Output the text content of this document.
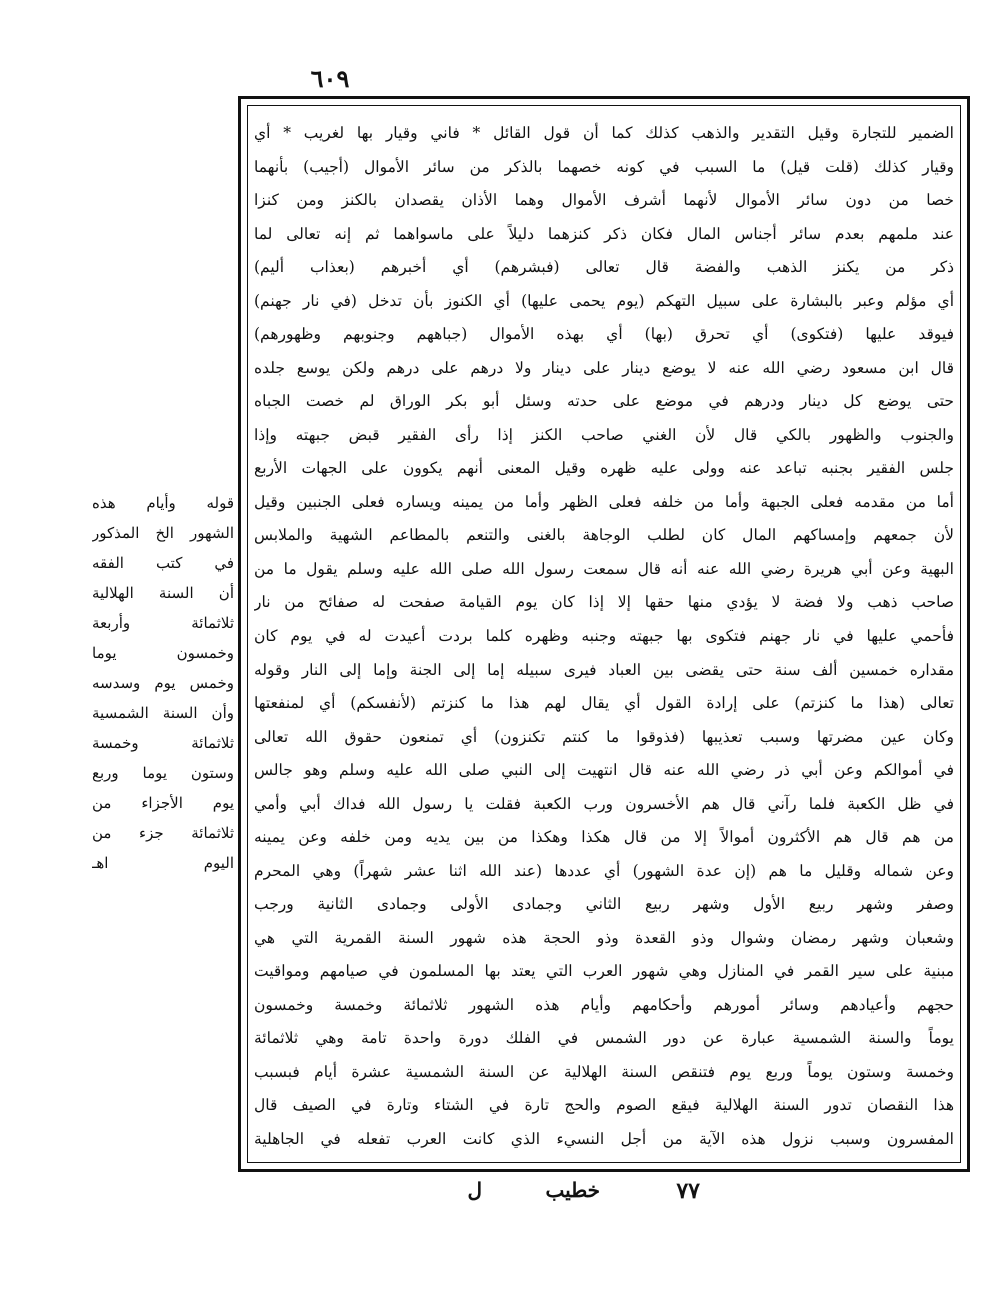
٦٠٩
الضمير للتجارة وقيل التقدير والذهب كذلك كما أن قول القائل * فاني وقيار بها لغريب * أي
وقيار كذلك (قلت قيل) ما السبب في كونه خصهما بالذكر من سائر الأموال (أجيب) بأنهما
خصا من دون سائر الأموال لأنهما أشرف الأموال وهما الأذان يقصدان بالكنز ومن كنزا
عند ملمهم بعدم سائر أجناس المال فكان ذكر كنزهما دليلاً على ماسواهما ثم إنه تعالى لما
ذكر من يكنز الذهب والفضة قال تعالى (فبشرهم) أي أخبرهم (بعذاب أليم)
أي مؤلم وعبر بالبشارة على سبيل التهكم (يوم يحمى عليها) أي الكنوز بأن تدخل (في نار جهنم)
فيوقد عليها (فتكوى) أي تحرق (بها) أي بهذه الأموال (جباههم وجنوبهم وظهورهم)
قال ابن مسعود رضي الله عنه لا يوضع دينار على دينار ولا درهم على درهم ولكن يوسع جلده
حتى يوضع كل دينار ودرهم في موضع على حدته وسئل أبو بكر الوراق لم خصت الجباه
والجنوب والظهور بالكي قال لأن الغني صاحب الكنز إذا رأى الفقير قبض جبهته وإذا
جلس الفقير بجنبه تباعد عنه وولى عليه ظهره وقيل المعنى أنهم يكوون على الجهات الأربع
أما من مقدمه فعلى الجبهة وأما من خلفه فعلى الظهر وأما من يمينه ويساره فعلى الجنبين وقيل
لأن جمعهم وإمساكهم المال كان لطلب الوجاهة بالغنى والتنعم بالمطاعم الشهية والملابس
البهية وعن أبي هريرة رضي الله عنه أنه قال سمعت رسول الله صلى الله عليه وسلم يقول ما من
صاحب ذهب ولا فضة لا يؤدي منها حقها إلا إذا كان يوم القيامة صفحت له صفائح من نار
فأحمي عليها في نار جهنم فتكوى بها جبهته وجنبه وظهره كلما بردت أعيدت له في يوم كان
مقداره خمسين ألف سنة حتى يقضى بين العباد فيرى سبيله إما إلى الجنة وإما إلى النار وقوله
تعالى (هذا ما كنزتم) على إرادة القول أي يقال لهم هذا ما كنزتم (لأنفسكم) أي لمنفعتها
وكان عين مضرتها وسبب تعذيبها (فذوقوا ما كنتم تكنزون) أي تمنعون حقوق الله تعالى
في أموالكم وعن أبي ذر رضي الله عنه قال انتهيت إلى النبي صلى الله عليه وسلم وهو جالس
في ظل الكعبة فلما رآني قال هم الأخسرون ورب الكعبة فقلت يا رسول الله فداك أبي وأمي
من هم قال هم الأكثرون أموالاً إلا من قال هكذا وهكذا من بين يديه ومن خلفه وعن يمينه
وعن شماله وقليل ما هم (إن عدة الشهور) أي عددها (عند الله اثنا عشر شهراً) وهي المحرم
وصفر وشهر ربيع الأول وشهر ربيع الثاني وجمادى الأولى وجمادى الثانية ورجب
وشعبان وشهر رمضان وشوال وذو القعدة وذو الحجة هذه شهور السنة القمرية التي هي
مبنية على سير القمر في المنازل وهي شهور العرب التي يعتد بها المسلمون في صيامهم ومواقيت
حجهم وأعيادهم وسائر أمورهم وأحكامهم وأيام هذه الشهور ثلاثمائة وخمسة وخمسون
يوماً والسنة الشمسية عبارة عن دور الشمس في الفلك دورة واحدة تامة وهي ثلاثمائة
وخمسة وستون يوماً وربع يوم فتنقص السنة الهلالية عن السنة الشمسية عشرة أيام فبسبب
هذا النقصان تدور السنة الهلالية فيقع الصوم والحج تارة في الشتاء وتارة في الصيف قال
المفسرون وسبب نزول هذه الآية من أجل النسيء الذي كانت العرب تفعله في الجاهلية
قوله وأيام هذه
الشهور الخ المذكور
في كتب الفقه
أن السنة الهلالية
ثلاثمائة وأربعة
وخمسون يوما
وخمس يوم وسدسه
وأن السنة الشمسية
ثلاثمائة وخمسة
وستون يوما وربع
يوم الأجزاء من
ثلاثمائة جزء من
اليوم اهـ
٧٧
خطيب
ل
